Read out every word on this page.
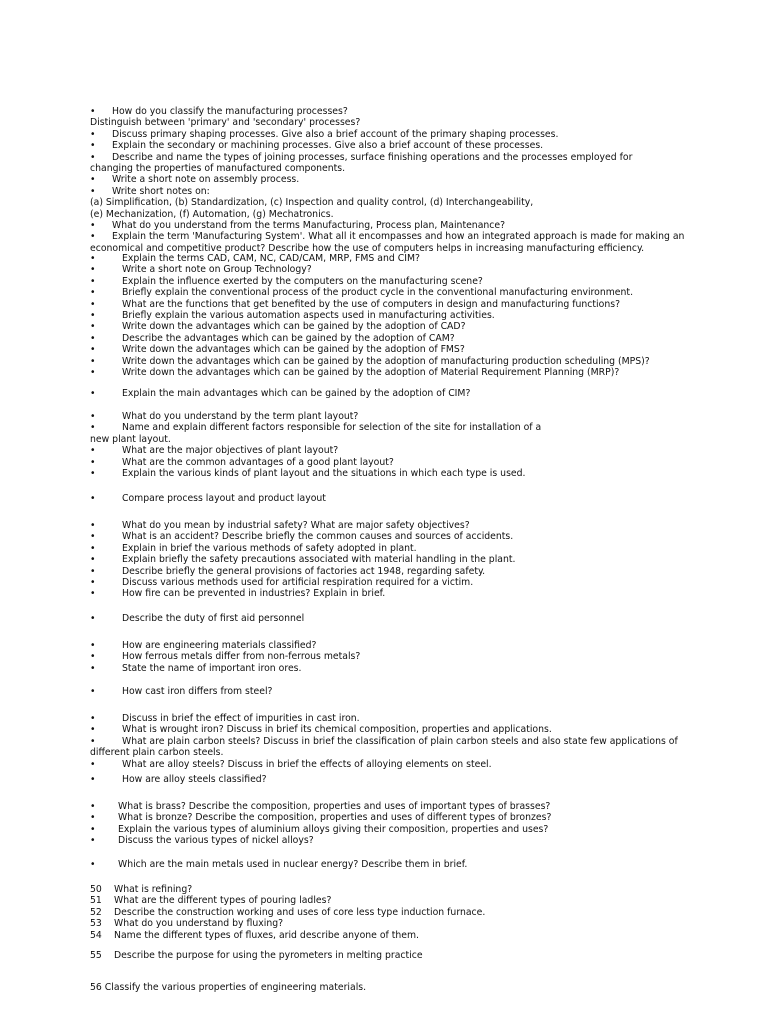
• How do you classify the manufacturing processes?
Distinguish between 'primary' and 'secondary' processes?
• Discuss primary shaping processes. Give also a brief account of the primary shaping processes.
• Explain the secondary or machining processes. Give also a brief account of these processes.
• Describe and name the types of joining processes, surface finishing operations and the processes employed for
changing the properties of manufactured components.
• Write a short note on assembly process.
• Write short notes on:
(a) Simplification, (b) Standardization, (c) Inspection and quality control, (d) Interchangeability,
(e) Mechanization, (f) Automation, (g) Mechatronics.
• What do you understand from the terms Manufacturing, Process plan, Maintenance?
• Explain the term 'Manufacturing System'. What all it encompasses and how an integrated approach is made for making an
economical and competitive product? Describe how the use of computers helps in increasing manufacturing efficiency.
• Explain the terms CAD, CAM, NC, CAD/CAM, MRP, FMS and CIM?
• Write a short note on Group Technology?
• Explain the influence exerted by the computers on the manufacturing scene?
• Briefly explain the conventional process of the product cycle in the conventional manufacturing environment.
• What are the functions that get benefited by the use of computers in design and manufacturing functions?
• Briefly explain the various automation aspects used in manufacturing activities.
• Write down the advantages which can be gained by the adoption of CAD?
• Describe the advantages which can be gained by the adoption of CAM?
• Write down the advantages which can be gained by the adoption of FMS?
• Write down the advantages which can be gained by the adoption of manufacturing production scheduling (MPS)?
• Write down the advantages which can be gained by the adoption of Material Requirement Planning (MRP)?
• Explain the main advantages which can be gained by the adoption of CIM?
• What do you understand by the term plant layout?
• Name and explain different factors responsible for selection of the site for installation of a
new plant layout.
• What are the major objectives of plant layout?
• What are the common advantages of a good plant layout?
• Explain the various kinds of plant layout and the situations in which each type is used.
• Compare process layout and product layout
• What do you mean by industrial safety? What are major safety objectives?
• What is an accident? Describe briefly the common causes and sources of accidents.
• Explain in brief the various methods of safety adopted in plant.
• Explain briefly the safety precautions associated with material handling in the plant.
• Describe briefly the general provisions of factories act 1948, regarding safety.
• Discuss various methods used for artificial respiration required for a victim.
• How fire can be prevented in industries? Explain in brief.
• Describe the duty of first aid personnel
• How are engineering materials classified?
• How ferrous metals differ from non-ferrous metals?
• State the name of important iron ores.
• How cast iron differs from steel?
• Discuss in brief the effect of impurities in cast iron.
• What is wrought iron? Discuss in brief its chemical composition, properties and applications.
• What are plain carbon steels? Discuss in brief the classification of plain carbon steels and also state few applications of
different plain carbon steels.
• What are alloy steels? Discuss in brief the effects of alloying elements on steel.
• How are alloy steels classified?
• What is brass? Describe the composition, properties and uses of important types of brasses?
• What is bronze? Describe the composition, properties and uses of different types of bronzes?
• Explain the various types of aluminium alloys giving their composition, properties and uses?
• Discuss the various types of nickel alloys?
• Which are the main metals used in nuclear energy? Describe them in brief.
50	What is refining?
51	What are the different types of pouring ladles?
52	Describe the construction working and uses of core less type induction furnace.
53	What do you understand by fluxing?
54	Name the different types of fluxes, arid describe anyone of them.
55	Describe the purpose for using the pyrometers in melting practice
56 Classify the various properties of engineering materials.
